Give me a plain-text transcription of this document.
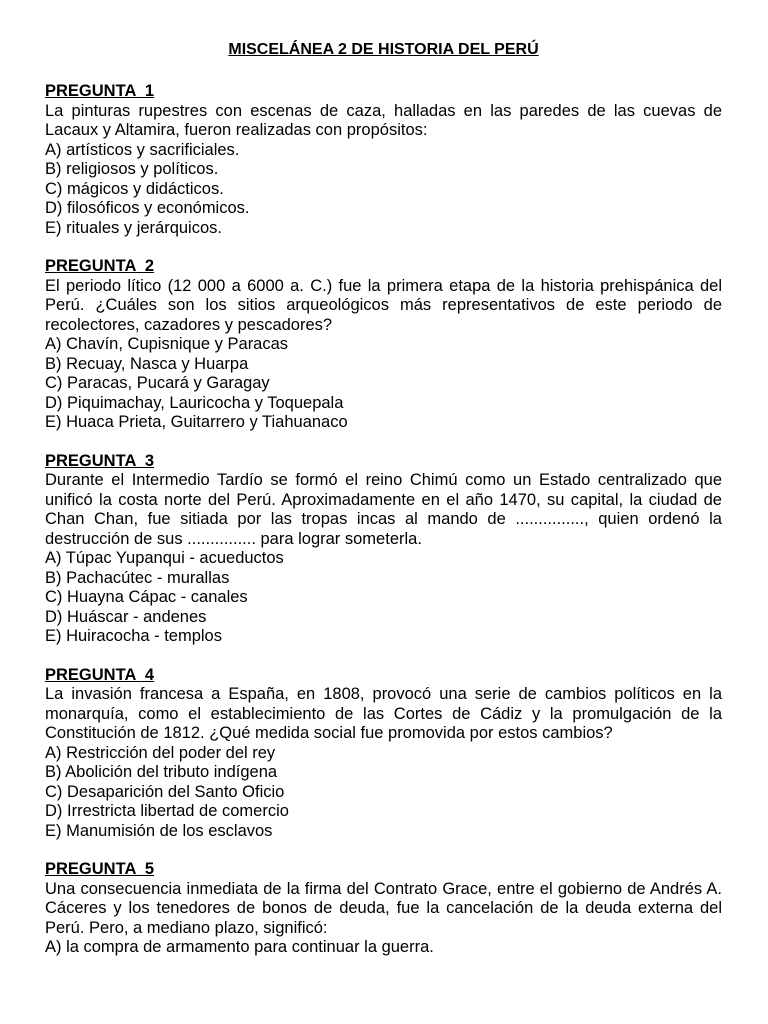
MISCELÁNEA 2 DE HISTORIA DEL PERÚ
PREGUNTA  1

La pinturas rupestres con escenas de caza, halladas en las paredes de las cuevas de Lacaux y Altamira, fueron realizadas con propósitos:

A) artísticos y sacrificiales.
B) religiosos y políticos.
C) mágicos y didácticos.
D) filosóficos y económicos.
E) rituales y jerárquicos.
PREGUNTA  2

El periodo lítico (12 000 a 6000 a. C.) fue la primera etapa de la historia prehispánica del Perú. ¿Cuáles son los sitios arqueológicos más representativos de este periodo de recolectores, cazadores y pescadores?

A) Chavín, Cupisnique y Paracas
B) Recuay, Nasca y Huarpa
C) Paracas, Pucará y Garagay
D) Piquimachay, Lauricocha y Toquepala
E) Huaca Prieta, Guitarrero y Tiahuanaco
PREGUNTA  3

Durante el Intermedio Tardío se formó el reino Chimú como un Estado centralizado que unificó la costa norte del Perú. Aproximadamente en el año 1470, su capital, la ciudad de Chan Chan, fue sitiada por las tropas incas al mando de ..............., quien ordenó la destrucción de sus ............... para lograr someterla.

A) Túpac Yupanqui - acueductos
B) Pachacútec - murallas
C) Huayna Cápac - canales
D) Huáscar - andenes
E) Huiracocha - templos
PREGUNTA  4

La invasión francesa a España, en 1808, provocó una serie de cambios políticos en la monarquía, como el establecimiento de las Cortes de Cádiz y la promulgación de la Constitución de 1812. ¿Qué medida social fue promovida por estos cambios?

A) Restricción del poder del rey
B) Abolición del tributo indígena
C) Desaparición del Santo Oficio
D) Irrestricta libertad de comercio
E) Manumisión de los esclavos
PREGUNTA  5

Una consecuencia inmediata de la firma del Contrato Grace, entre el gobierno de Andrés A. Cáceres y los tenedores de bonos de deuda, fue la cancelación de la deuda externa del Perú. Pero, a mediano plazo, significó:

A) la compra de armamento para continuar la guerra.
